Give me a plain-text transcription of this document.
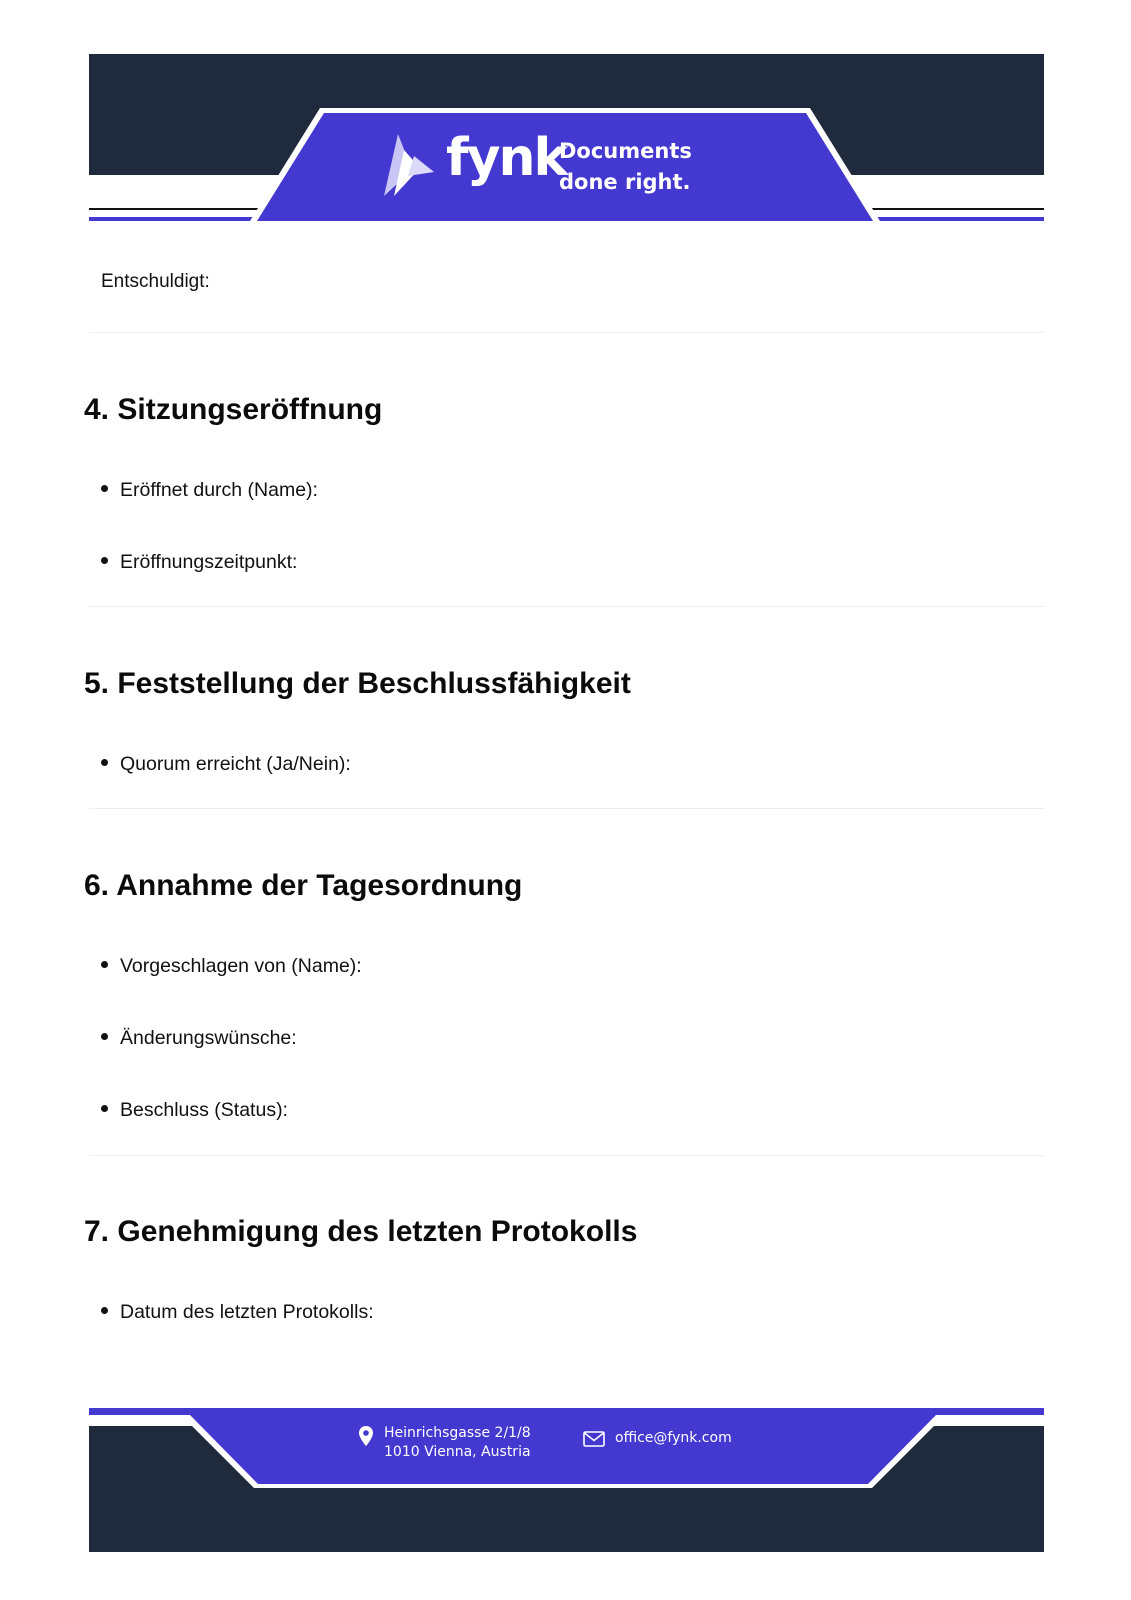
fynk
Documents
done right.
Entschuldigt:
4. Sitzungseröffnung
Eröffnet durch (Name):
Eröffnungszeitpunkt:
5. Feststellung der Beschlussfähigkeit
Quorum erreicht (Ja/Nein):
6. Annahme der Tagesordnung
Vorgeschlagen von (Name):
Änderungswünsche:
Beschluss (Status):
7. Genehmigung des letzten Protokolls
Datum des letzten Protokolls:
Heinrichsgasse 2/1/8
1010 Vienna, Austria
office@fynk.com
